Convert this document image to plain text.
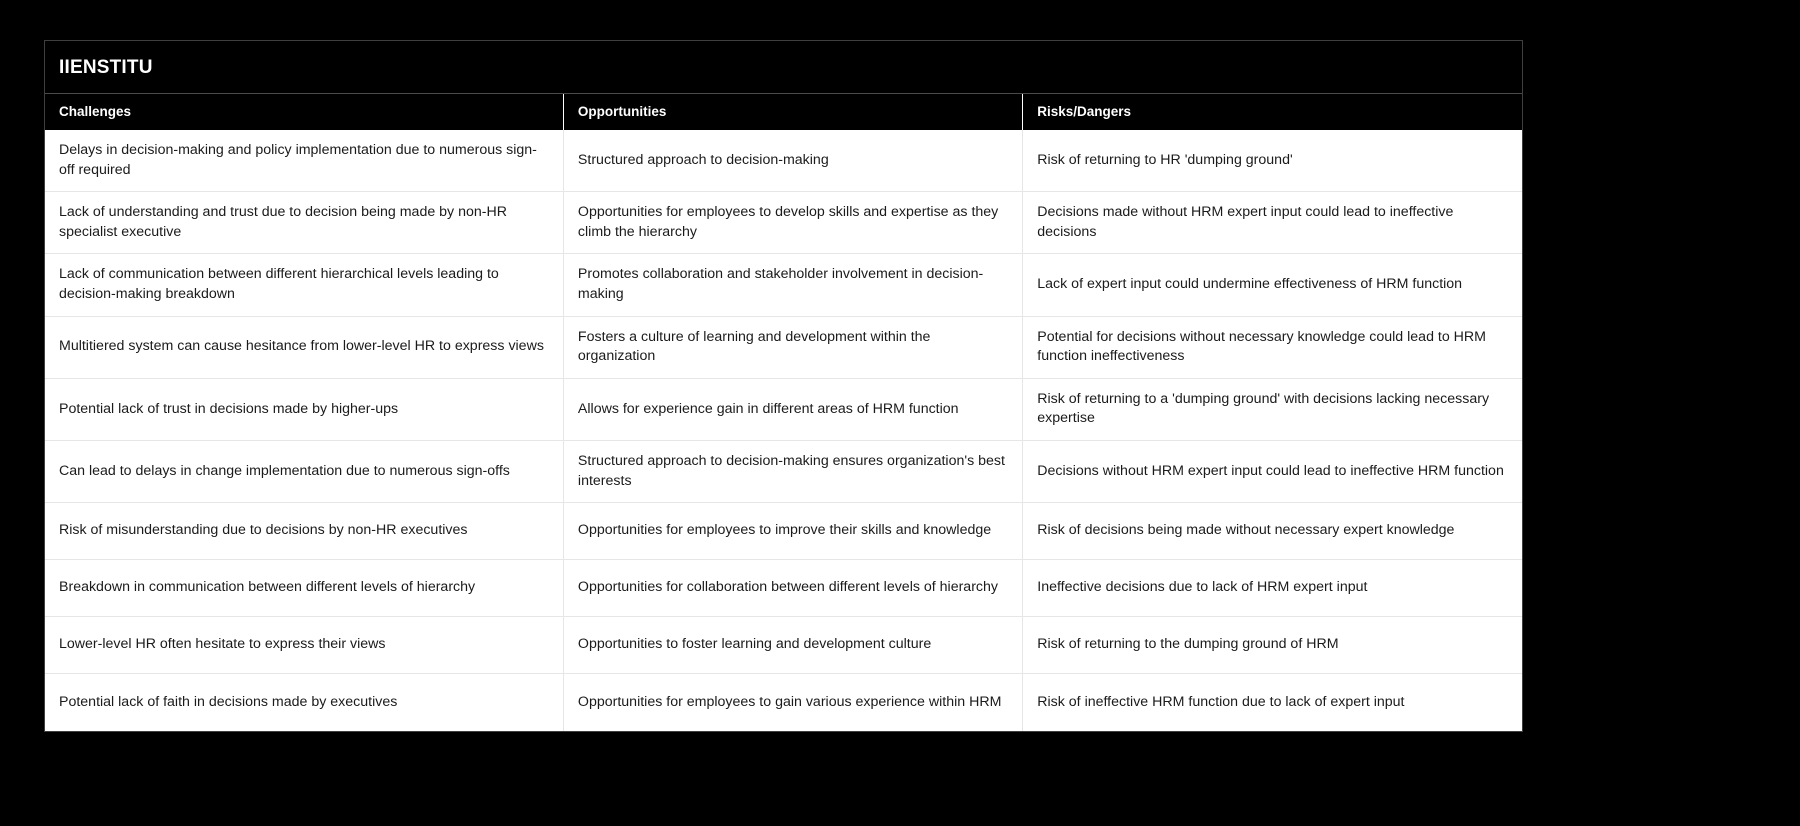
IIENSTITU
Challenges	Opportunities	Risks/Dangers
Delays in decision-making and policy implementation due to numerous sign-off required	Structured approach to decision-making	Risk of returning to HR 'dumping ground'
Lack of understanding and trust due to decision being made by non-HR specialist executive	Opportunities for employees to develop skills and expertise as they climb the hierarchy	Decisions made without HRM expert input could lead to ineffective decisions
Lack of communication between different hierarchical levels leading to decision-making breakdown	Promotes collaboration and stakeholder involvement in decision-making	Lack of expert input could undermine effectiveness of HRM function
Multitiered system can cause hesitance from lower-level HR to express views	Fosters a culture of learning and development within the organization	Potential for decisions without necessary knowledge could lead to HRM function ineffectiveness
Potential lack of trust in decisions made by higher-ups	Allows for experience gain in different areas of HRM function	Risk of returning to a 'dumping ground' with decisions lacking necessary expertise
Can lead to delays in change implementation due to numerous sign-offs	Structured approach to decision-making ensures organization's best interests	Decisions without HRM expert input could lead to ineffective HRM function
Risk of misunderstanding due to decisions by non-HR executives	Opportunities for employees to improve their skills and knowledge	Risk of decisions being made without necessary expert knowledge
Breakdown in communication between different levels of hierarchy	Opportunities for collaboration between different levels of hierarchy	Ineffective decisions due to lack of HRM expert input
Lower-level HR often hesitate to express their views	Opportunities to foster learning and development culture	Risk of returning to the dumping ground of HRM
Potential lack of faith in decisions made by executives	Opportunities for employees to gain various experience within HRM	Risk of ineffective HRM function due to lack of expert input
